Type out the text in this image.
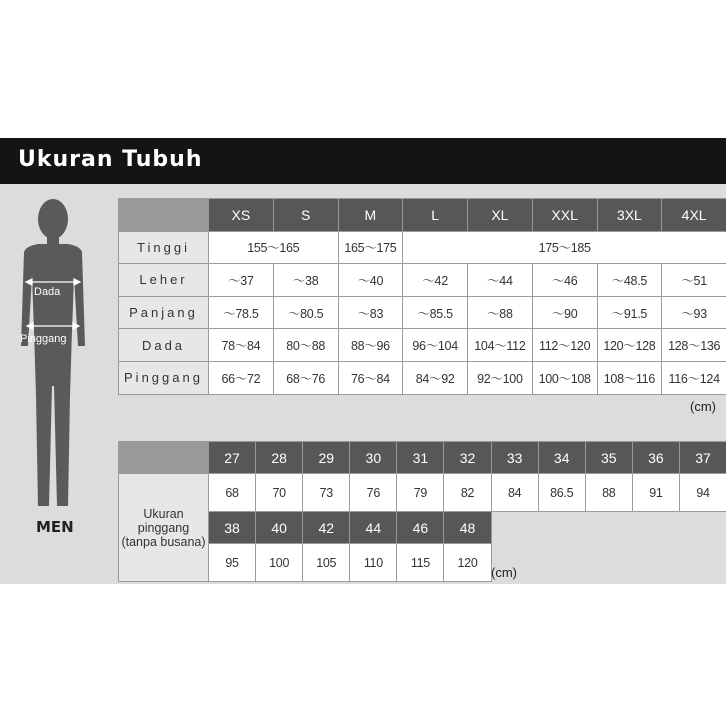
Ukuran Tubuh
Dada
Pinggang
MEN
	XS	S	M	L	XL	XXL	3XL	4XL
Tinggi	155〜165		165〜175	175〜185				
Leher	〜37	〜38	〜40	〜42	〜44	〜46	〜48.5	〜51
Panjang	〜78.5	〜80.5	〜83	〜85.5	〜88	〜90	〜91.5	〜93
Dada	78〜84	80〜88	88〜96	96〜104	104〜112	112〜120	120〜128	128〜136
Pinggang	66〜72	68〜76	76〜84	84〜92	92〜100	100〜108	108〜116	116〜124
(cm)
	27	28	29	30	31	32	33	34	35	36	37
Ukuran pinggang (tanpa busana)	68	70	73	76	79	82	84	86.5	88	91	94
	38	40	42	44	46	48					
	95	100	105	110	115	120					
(cm)
